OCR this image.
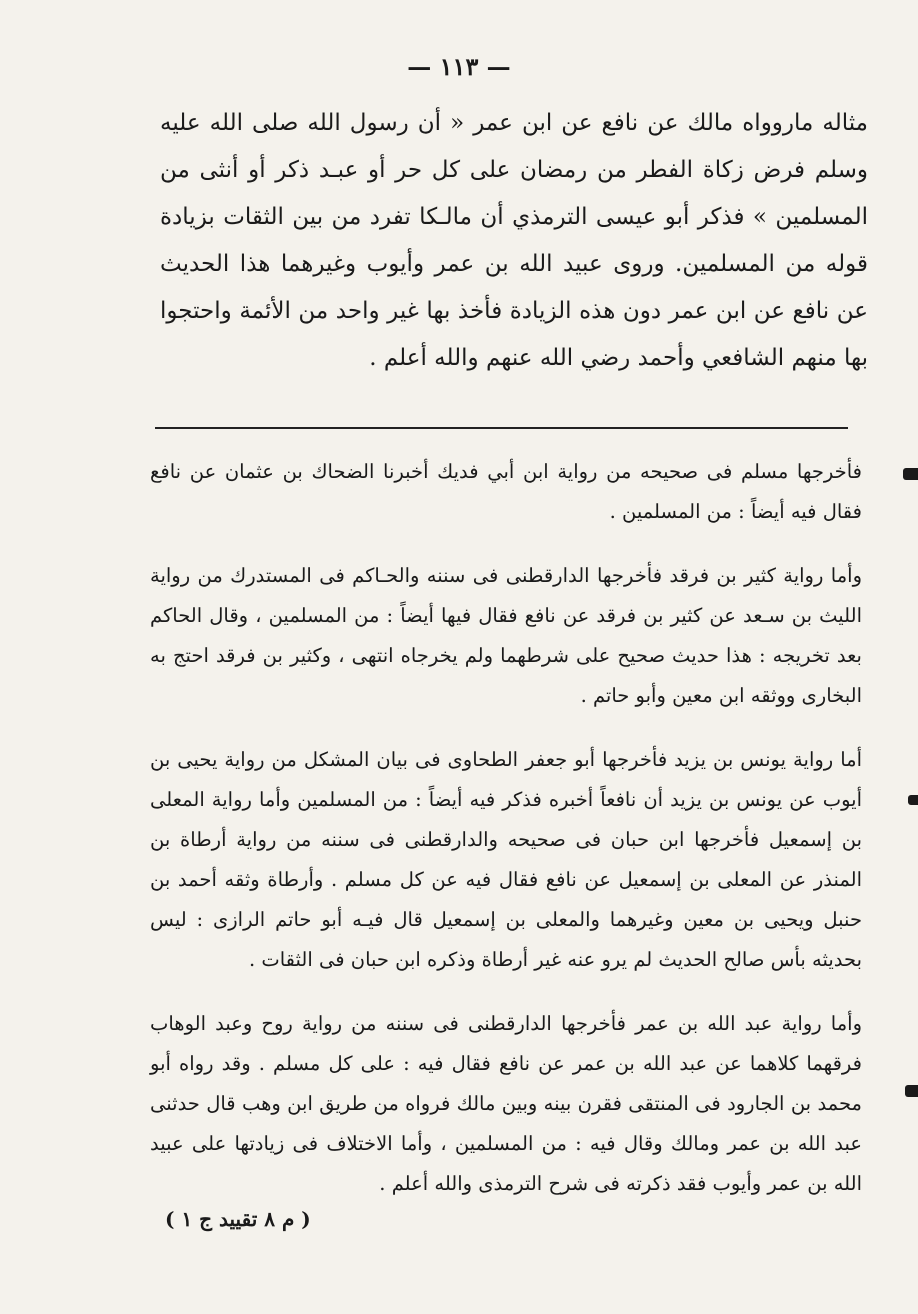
— ١١٣ —

مثاله ماروواه مالك عن نافع عن ابن عمر « أن رسول الله صلى الله عليه وسلم فرض زكاة الفطر من رمضان على كل حر أو عبـد ذكر أو أنثى من المسلمين » فذكر أبو عيسى الترمذي أن مالـكا تفرد من بين الثقات بزيادة قوله من المسلمين. وروى عبيد الله بن عمر وأيوب وغيرهما هذا الحديث عن نافع عن ابن عمر دون هذه الزيادة فأخذ بها غير واحد من الأئمة واحتجوا بها منهم الشافعي وأحمد رضي الله عنهم والله أعلم .

فأخرجها مسلم فى صحيحه من رواية ابن أبي فديك أخبرنا الضحاك بن عثمان عن نافع فقال فيه أيضاً : من المسلمين .

وأما رواية كثير بن فرقد فأخرجها الدارقطنى فى سننه والحـاكم فى المستدرك من رواية الليث بن سـعد عن كثير بن فرقد عن نافع فقال فيها أيضاً : من المسلمين ، وقال الحاكم بعد تخريجه : هذا حديث صحيح على شرطهما ولم يخرجاه انتهى ، وكثير بن فرقد احتج به البخارى ووثقه ابن معين وأبو حاتم .

أما رواية يونس بن يزيد فأخرجها أبو جعفر الطحاوى فى بيان المشكل من رواية يحيى بن أيوب عن يونس بن يزيد أن نافعاً أخبره فذكر فيه أيضاً : من المسلمين وأما رواية المعلى بن إسمعيل فأخرجها ابن حبان فى صحيحه والدارقطنى فى سننه من رواية أرطاة بن المنذر عن المعلى بن إسمعيل عن نافع فقال فيه عن كل مسلم . وأرطاة وثقه أحمد بن حنبل ويحيى بن معين وغيرهما والمعلى بن إسمعيل قال فيـه أبو حاتم الرازى : ليس بحديثه بأس صالح الحديث لم يرو عنه غير أرطاة وذكره ابن حبان فى الثقات .

وأما رواية عبد الله بن عمر فأخرجها الدارقطنى فى سننه من رواية روح وعبد الوهاب فرقهما كلاهما عن عبد الله بن عمر عن نافع فقال فيه : على كل مسلم . وقد رواه أبو محمد بن الجارود فى المنتقى فقرن بينه وبين مالك فرواه من طريق ابن وهب قال حدثنى عبد الله بن عمر ومالك وقال فيه : من المسلمين ، وأما الاختلاف فى زيادتها على عبيد الله بن عمر وأيوب فقد ذكرته فى شرح الترمذى والله أعلم .

( م ٨ تقييد ج ١ )
